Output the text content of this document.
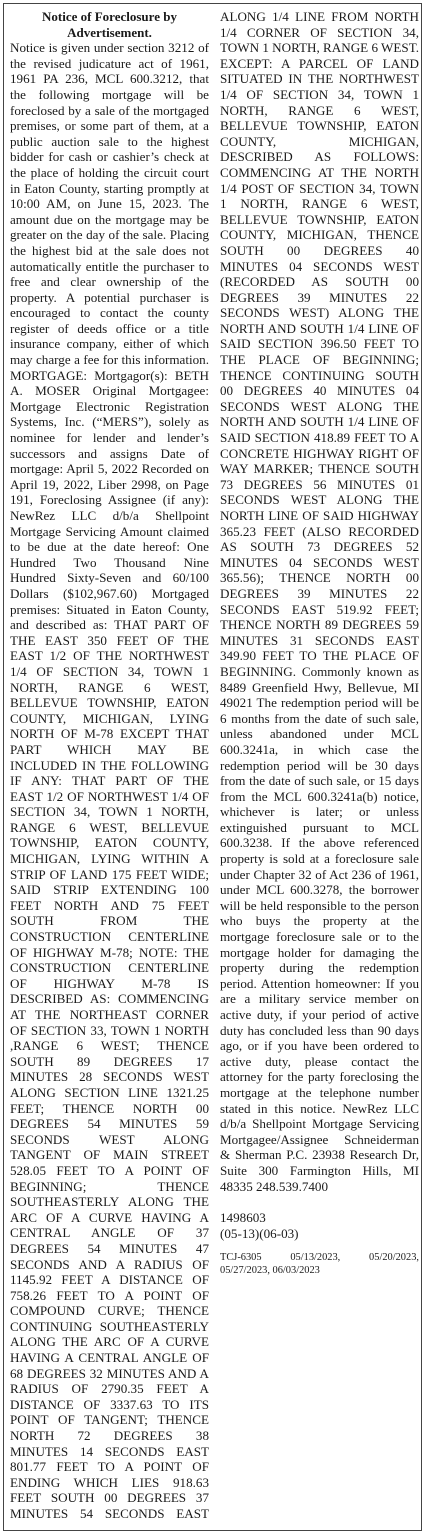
Notice of Foreclosure by Advertisement.

Notice is given under section 3212 of the revised judicature act of 1961, 1961 PA 236, MCL 600.3212, that the following mortgage will be foreclosed by a sale of the mortgaged premises, or some part of them, at a public auction sale to the highest bidder for cash or cashier’s check at the place of holding the circuit court in Eaton County, starting promptly at 10:00 AM, on June 15, 2023. The amount due on the mortgage may be greater on the day of the sale. Placing the highest bid at the sale does not automatically entitle the purchaser to free and clear ownership of the property. A potential purchaser is encouraged to contact the county register of deeds office or a title insurance company, either of which may charge a fee for this information. MORTGAGE: Mortgagor(s): BETH A. MOSER Original Mortgagee: Mortgage Electronic Registration Systems, Inc. (“MERS”), solely as nominee for lender and lender’s successors and assigns Date of mortgage: April 5, 2022 Recorded on April 19, 2022, Liber 2998, on Page 191, Foreclosing Assignee (if any): NewRez LLC d/b/a Shellpoint Mortgage Servicing Amount claimed to be due at the date hereof: One Hundred Two Thousand Nine Hundred Sixty-Seven and 60/100 Dollars ($102,967.60) Mortgaged premises: Situated in Eaton County, and described as: THAT PART OF THE EAST 350 FEET OF THE EAST 1/2 OF THE NORTHWEST 1/4 OF SECTION 34, TOWN 1 NORTH, RANGE 6 WEST, BELLEVUE TOWNSHIP, EATON COUNTY, MICHIGAN, LYING NORTH OF M-78 EXCEPT THAT PART WHICH MAY BE INCLUDED IN THE FOLLOWING IF ANY: THAT PART OF THE EAST 1/2 OF NORTHWEST 1/4 OF SECTION 34, TOWN 1 NORTH, RANGE 6 WEST, BELLEVUE TOWNSHIP, EATON COUNTY, MICHIGAN, LYING WITHIN A STRIP OF LAND 175 FEET WIDE; SAID STRIP EXTENDING 100 FEET NORTH AND 75 FEET SOUTH FROM THE CONSTRUCTION CENTERLINE OF HIGHWAY M-78; NOTE: THE CONSTRUCTION CENTERLINE OF HIGHWAY M-78 IS DESCRIBED AS: COMMENCING AT THE NORTHEAST CORNER OF SECTION 33, TOWN 1 NORTH ,RANGE 6 WEST; THENCE SOUTH 89 DEGREES 17 MINUTES 28 SECONDS WEST ALONG SECTION LINE 1321.25 FEET; THENCE NORTH 00 DEGREES 54 MINUTES 59 SECONDS WEST ALONG TANGENT OF MAIN STREET 528.05 FEET TO A POINT OF BEGINNING; THENCE SOUTHEASTERLY ALONG THE ARC OF A CURVE HAVING A CENTRAL ANGLE OF 37 DEGREES 54 MINUTES 47 SECONDS AND A RADIUS OF 1145.92 FEET A DISTANCE OF 758.26 FEET TO A POINT OF COMPOUND CURVE; THENCE CONTINUING SOUTHEASTERLY ALONG THE ARC OF A CURVE HAVING A CENTRAL ANGLE OF 68 DEGREES 32 MINUTES AND A RADIUS OF 2790.35 FEET A DISTANCE OF 3337.63 TO ITS POINT OF TANGENT; THENCE NORTH 72 DEGREES 38 MINUTES 14 SECONDS EAST 801.77 FEET TO A POINT OF ENDING WHICH LIES 918.63 FEET SOUTH 00 DEGREES 37 MINUTES 54 SECONDS EAST ALONG 1/4 LINE FROM NORTH 1/4 CORNER OF SECTION 34, TOWN 1 NORTH, RANGE 6 WEST. EXCEPT: A PARCEL OF LAND SITUATED IN THE NORTHWEST 1/4 OF SECTION 34, TOWN 1 NORTH, RANGE 6 WEST, BELLEVUE TOWNSHIP, EATON COUNTY, MICHIGAN, DESCRIBED AS FOLLOWS: COMMENCING AT THE NORTH 1/4 POST OF SECTION 34, TOWN 1 NORTH, RANGE 6 WEST, BELLEVUE TOWNSHIP, EATON COUNTY, MICHIGAN, THENCE SOUTH 00 DEGREES 40 MINUTES 04 SECONDS WEST (RECORDED AS SOUTH 00 DEGREES 39 MINUTES 22 SECONDS WEST) ALONG THE NORTH AND SOUTH 1/4 LINE OF SAID SECTION 396.50 FEET TO THE PLACE OF BEGINNING; THENCE CONTINUING SOUTH 00 DEGREES 40 MINUTES 04 SECONDS WEST ALONG THE NORTH AND SOUTH 1/4 LINE OF SAID SECTION 418.89 FEET TO A CONCRETE HIGHWAY RIGHT OF WAY MARKER; THENCE SOUTH 73 DEGREES 56 MINUTES 01 SECONDS WEST ALONG THE NORTH LINE OF SAID HIGHWAY 365.23 FEET (ALSO RECORDED AS SOUTH 73 DEGREES 52 MINUTES 04 SECONDS WEST 365.56); THENCE NORTH 00 DEGREES 39 MINUTES 22 SECONDS EAST 519.92 FEET; THENCE NORTH 89 DEGREES 59 MINUTES 31 SECONDS EAST 349.90 FEET TO THE PLACE OF BEGINNING. Commonly known as 8489 Greenfield Hwy, Bellevue, MI 49021 The redemption period will be 6 months from the date of such sale, unless abandoned under MCL 600.3241a, in which case the redemption period will be 30 days from the date of such sale, or 15 days from the MCL 600.3241a(b) notice, whichever is later; or unless extinguished pursuant to MCL 600.3238. If the above referenced property is sold at a foreclosure sale under Chapter 32 of Act 236 of 1961, under MCL 600.3278, the borrower will be held responsible to the person who buys the property at the mortgage foreclosure sale or to the mortgage holder for damaging the property during the redemption period. Attention homeowner: If you are a military service member on active duty, if your period of active duty has concluded less than 90 days ago, or if you have been ordered to active duty, please contact the attorney for the party foreclosing the mortgage at the telephone number stated in this notice. NewRez LLC d/b/a Shellpoint Mortgage Servicing Mortgagee/Assignee Schneiderman & Sherman P.C. 23938 Research Dr, Suite 300 Farmington Hills, MI 48335 248.539.7400

1498603

(05-13)(06-03)

TCJ-6305	05/13/2023,	05/20/2023,
05/27/2023, 06/03/2023
